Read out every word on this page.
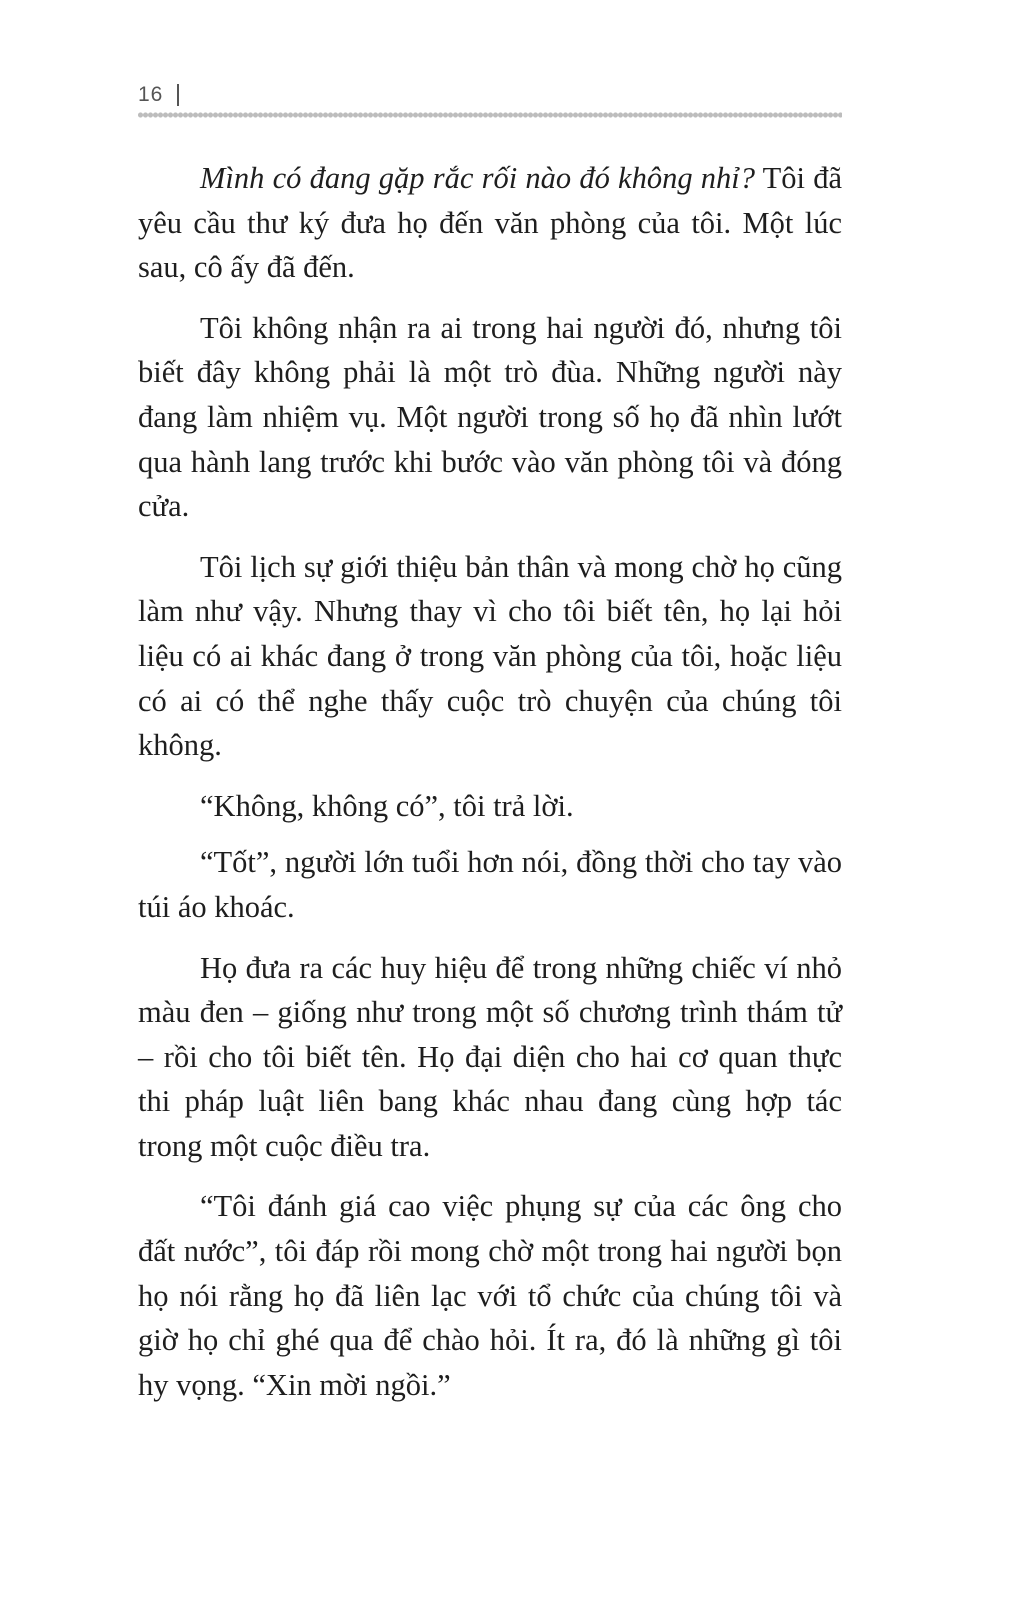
16

Mình có đang gặp rắc rối nào đó không nhỉ? Tôi đã yêu cầu thư ký đưa họ đến văn phòng của tôi. Một lúc sau, cô ấy đã đến.

Tôi không nhận ra ai trong hai người đó, nhưng tôi biết đây không phải là một trò đùa. Những người này đang làm nhiệm vụ. Một người trong số họ đã nhìn lướt qua hành lang trước khi bước vào văn phòng tôi và đóng cửa.

Tôi lịch sự giới thiệu bản thân và mong chờ họ cũng làm như vậy. Nhưng thay vì cho tôi biết tên, họ lại hỏi liệu có ai khác đang ở trong văn phòng của tôi, hoặc liệu có ai có thể nghe thấy cuộc trò chuyện của chúng tôi không.

“Không, không có”, tôi trả lời.

“Tốt”, người lớn tuổi hơn nói, đồng thời cho tay vào túi áo khoác.

Họ đưa ra các huy hiệu để trong những chiếc ví nhỏ màu đen – giống như trong một số chương trình thám tử – rồi cho tôi biết tên. Họ đại diện cho hai cơ quan thực thi pháp luật liên bang khác nhau đang cùng hợp tác trong một cuộc điều tra.

“Tôi đánh giá cao việc phụng sự của các ông cho đất nước”, tôi đáp rồi mong chờ một trong hai người bọn họ nói rằng họ đã liên lạc với tổ chức của chúng tôi và giờ họ chỉ ghé qua để chào hỏi. Ít ra, đó là những gì tôi hy vọng. “Xin mời ngồi.”
